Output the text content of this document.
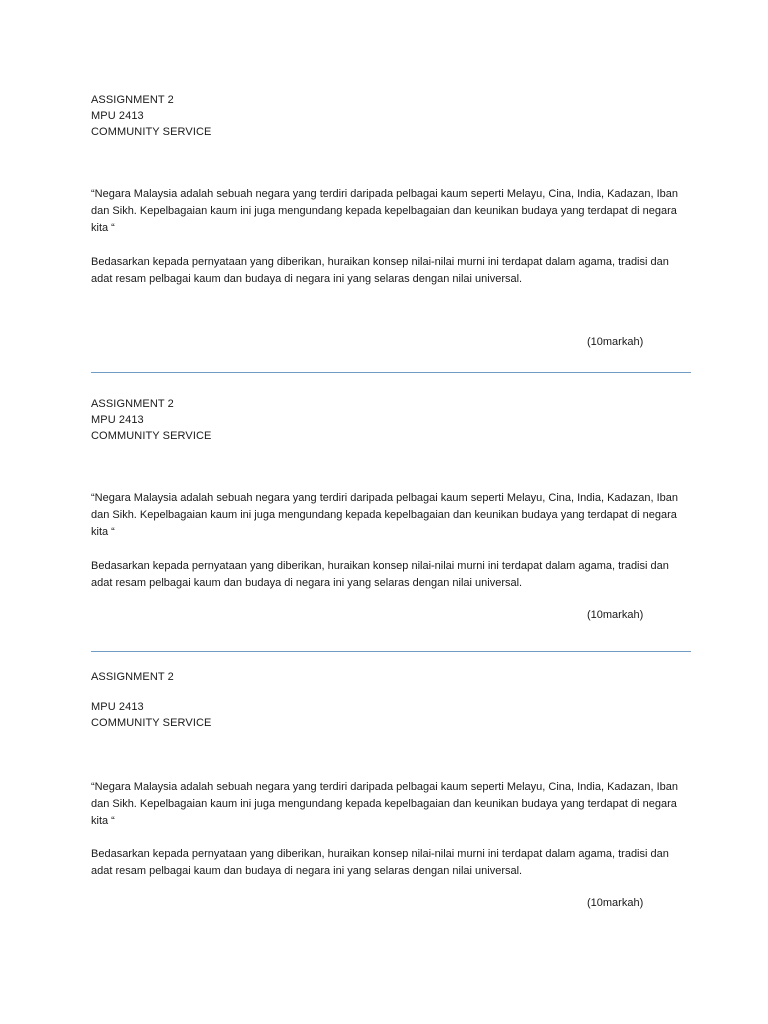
ASSIGNMENT 2
MPU 2413
COMMUNITY SERVICE
“Negara Malaysia adalah sebuah negara yang terdiri daripada pelbagai kaum seperti Melayu, Cina, India, Kadazan, Iban dan Sikh. Kepelbagaian kaum ini juga mengundang kepada kepelbagaian dan keunikan budaya yang terdapat di negara kita “
Bedasarkan kepada pernyataan yang diberikan, huraikan konsep nilai-nilai murni ini terdapat dalam agama, tradisi dan adat resam pelbagai kaum dan budaya di negara ini yang selaras dengan nilai universal.
(10markah)
ASSIGNMENT 2
MPU 2413
COMMUNITY SERVICE
“Negara Malaysia adalah sebuah negara yang terdiri daripada pelbagai kaum seperti Melayu, Cina, India, Kadazan, Iban dan Sikh. Kepelbagaian kaum ini juga mengundang kepada kepelbagaian dan keunikan budaya yang terdapat di negara kita “
Bedasarkan kepada pernyataan yang diberikan, huraikan konsep nilai-nilai murni ini terdapat dalam agama, tradisi dan adat resam pelbagai kaum dan budaya di negara ini yang selaras dengan nilai universal.
(10markah)
ASSIGNMENT 2
MPU 2413
COMMUNITY SERVICE
“Negara Malaysia adalah sebuah negara yang terdiri daripada pelbagai kaum seperti Melayu, Cina, India, Kadazan, Iban dan Sikh. Kepelbagaian kaum ini juga mengundang kepada kepelbagaian dan keunikan budaya yang terdapat di negara kita “
Bedasarkan kepada pernyataan yang diberikan, huraikan konsep nilai-nilai murni ini terdapat dalam agama, tradisi dan adat resam pelbagai kaum dan budaya di negara ini yang selaras dengan nilai universal.
(10markah)
